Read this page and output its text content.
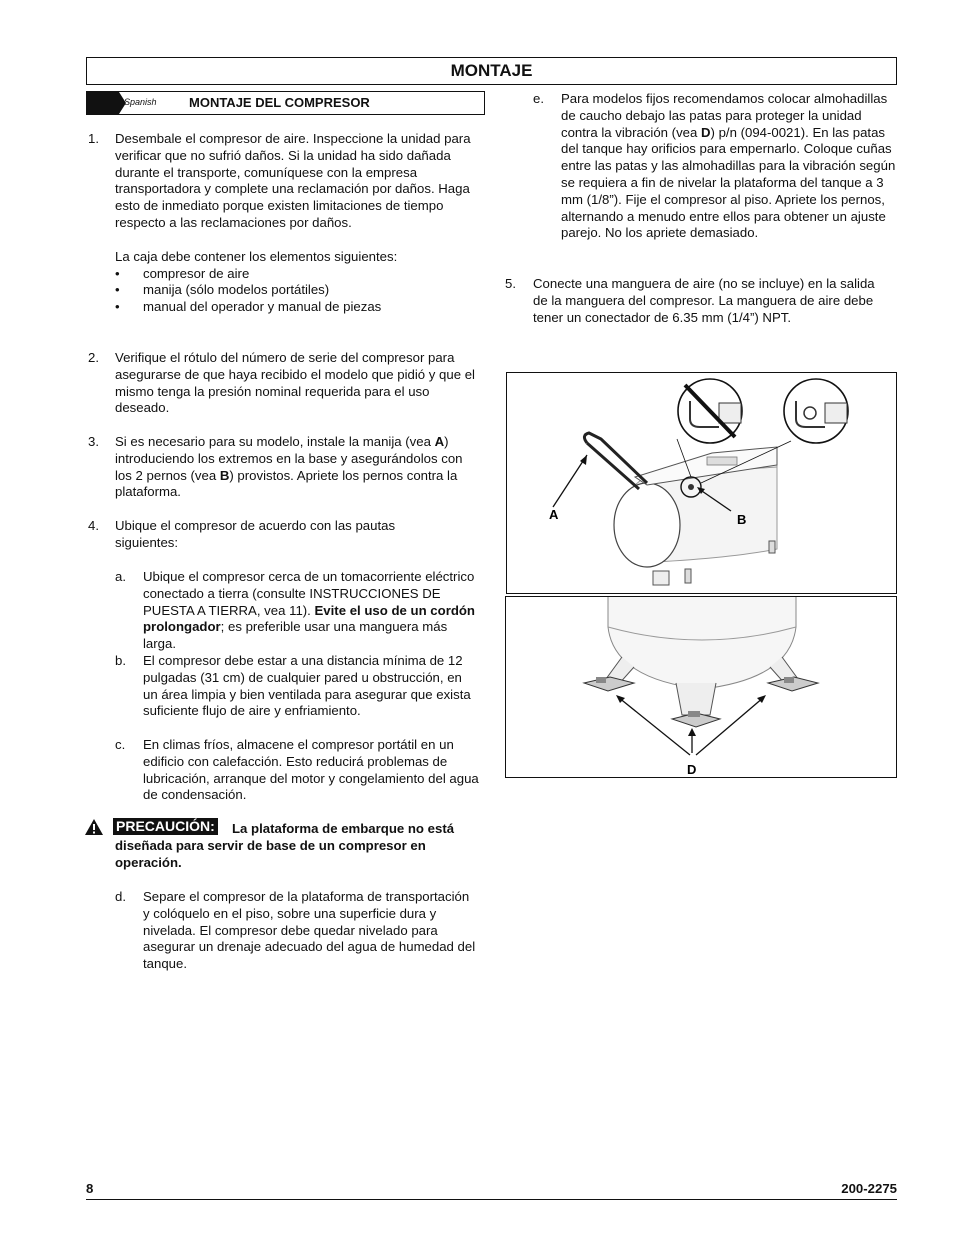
MONTAJE
Spanish MONTAJE DEL COMPRESOR
1.	Desembale el compresor de aire. Inspeccione la unidad para verificar que no sufrió daños. Si la unidad ha sido dañada durante el transporte, comuníquese con la empresa transportadora y complete una reclamación por daños. Haga esto de inmediato porque existen limitaciones de tiempo respecto a las reclamaciones por daños.

La caja debe contener los elementos siguientes:

• compresor de aire
• manija (sólo modelos portátiles)
• manual del operador y manual de piezas
2.	Verifique el rótulo del número de serie del compresor para asegurarse de que haya recibido el modelo que pidió y que el mismo tenga la presión nominal requerida para el uso deseado.

3.	Si es necesario para su modelo, instale la manija (vea A) introduciendo los extremos en la base y asegurándolos con los 2 pernos (vea B) provistos. Apriete los pernos contra la plataforma.

4.	Ubique el compresor de acuerdo con las pautas siguientes:

a. Ubique el compresor cerca de un tomacorriente eléctrico conectado a tierra (consulte INSTRUCCIONES DE PUESTA A TIERRA, vea 11). Evite el uso de un cordón prolongador; es preferible usar una manguera más larga.

b. El compresor debe estar a una distancia mínima de 12 pulgadas (31 cm) de cualquier pared u obstrucción, en un área limpia y bien ventilada para asegurar que exista suficiente flujo de aire y enfriamiento.

c. En climas fríos, almacene el compresor portátil en un edificio con calefacción. Esto reducirá problemas de lubricación, arranque del motor y congelamiento del agua de condensación.

PRECAUCIÓN: La plataforma de embarque no está

diseñada para servir de base de un compresor en operación.

d. Separe el compresor de la plataforma de transportación y colóquelo en el piso, sobre una superficie dura y nivelada. El compresor debe quedar nivelado para asegurar un drenaje adecuado del agua de humedad del tanque.

e. Para modelos fijos recomendamos colocar almohadillas de caucho debajo las patas para proteger la unidad contra la vibración (vea D) p/n (094-0021). En las patas del tanque hay orificios para empernarlo. Coloque cuñas entre las patas y las almohadillas para la vibración según se requiera a fin de nivelar la plataforma del tanque a 3 mm (1/8”). Fije el compresor al piso. Apriete los pernos, alternando a menudo entre ellos para obtener un ajuste parejo. No los apriete demasiado.

5. Conecte una manguera de aire (no se incluye) en la salida de la manguera del compresor. La manguera de aire debe tener un conectador de 6.35 mm (1/4”) NPT.

A	B
D
8	200-2275
